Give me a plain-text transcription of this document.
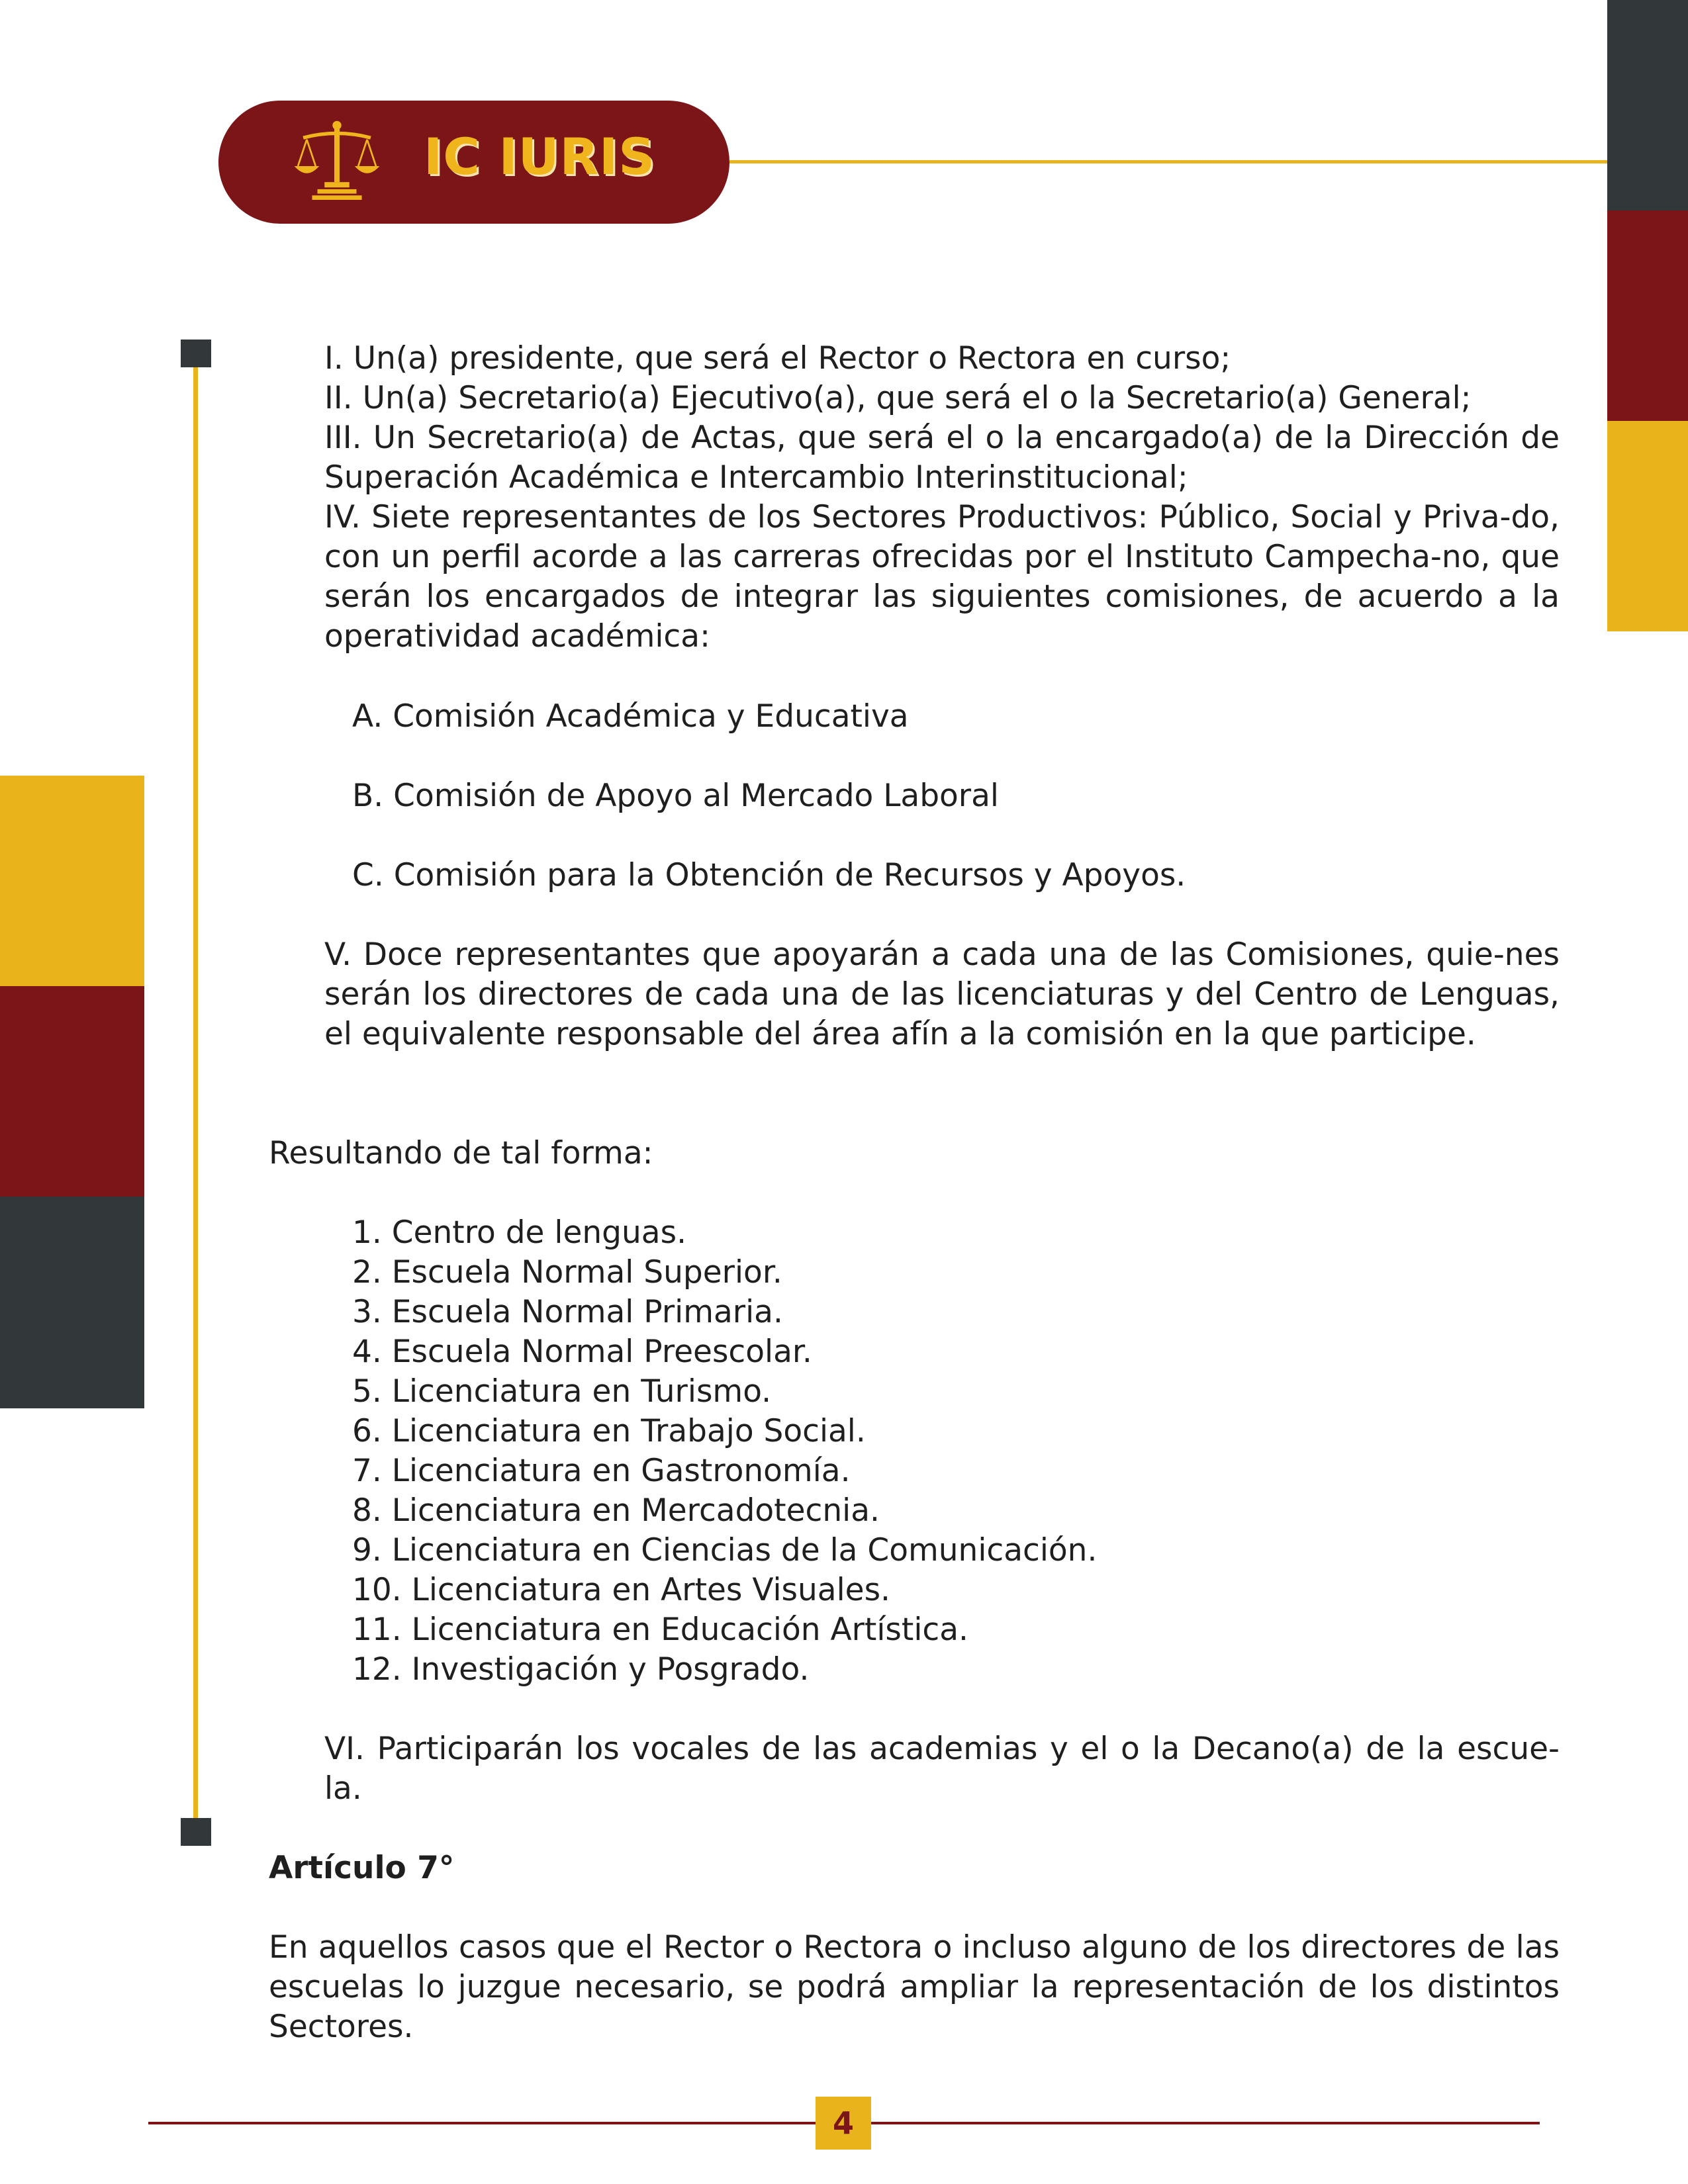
IC IURIS
I. Un(a) presidente, que será el Rector o Rectora en curso;
II. Un(a) Secretario(a) Ejecutivo(a), que será el o la Secretario(a) General;
III. Un Secretario(a) de Actas, que será el o la encargado(a) de la Dirección de Superación Académica e Intercambio Interinstitucional;
IV. Siete representantes de los Sectores Productivos: Público, Social y Priva-do, con un perfil acorde a las carreras ofrecidas por el Instituto Campecha-no, que serán los encargados de integrar las siguientes comisiones, de acuerdo a la operatividad académica:
A. Comisión Académica y Educativa
B. Comisión de Apoyo al Mercado Laboral
C. Comisión para la Obtención de Recursos y Apoyos.
V. Doce representantes que apoyarán a cada una de las Comisiones, quie-nes serán los directores de cada una de las licenciaturas y del Centro de Lenguas, el equivalente responsable del área afín a la comisión en la que participe.
Resultando de tal forma:
1. Centro de lenguas.
2. Escuela Normal Superior.
3. Escuela Normal Primaria.
4. Escuela Normal Preescolar.
5. Licenciatura en Turismo.
6. Licenciatura en Trabajo Social.
7. Licenciatura en Gastronomía.
8. Licenciatura en Mercadotecnia.
9. Licenciatura en Ciencias de la Comunicación.
10. Licenciatura en Artes Visuales.
11. Licenciatura en Educación Artística.
12. Investigación y Posgrado.
VI. Participarán los vocales de las academias y el o la Decano(a) de la escue-la.
Artículo 7°
En aquellos casos que el Rector o Rectora o incluso alguno de los directores de las escuelas lo juzgue necesario, se podrá ampliar la representación de los distintos Sectores.
4
